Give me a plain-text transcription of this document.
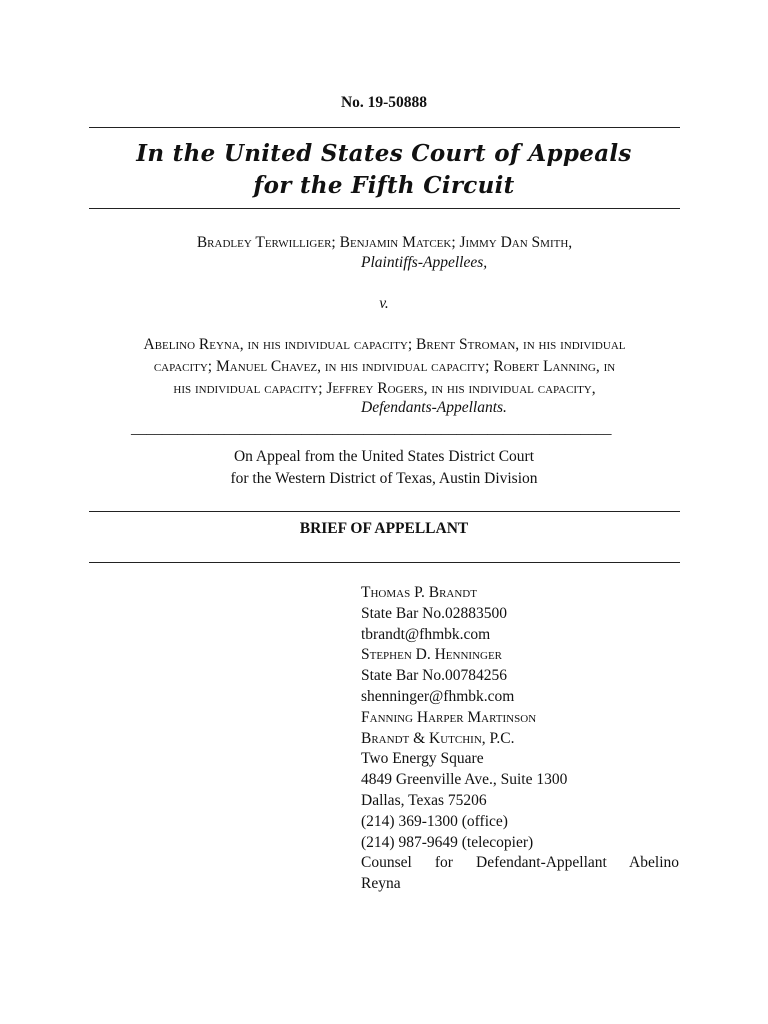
No. 19-50888
In the United States Court of Appeals
for the Fifth Circuit
Bradley Terwilliger; Benjamin Matcek; Jimmy Dan Smith,
Plaintiffs-Appellees,
v.
Abelino Reyna, in his individual capacity; Brent Stroman, in his individual
capacity; Manuel Chavez, in his individual capacity; Robert Lanning, in
his individual capacity; Jeffrey Rogers, in his individual capacity,
Defendants-Appellants.
______________________________________________________________
On Appeal from the United States District Court
for the Western District of Texas, Austin Division
BRIEF OF APPELLANT
Thomas P. Brandt
State Bar No.02883500
tbrandt@fhmbk.com
Stephen D. Henninger
State Bar No.00784256
shenninger@fhmbk.com
Fanning Harper Martinson
Brandt & Kutchin, P.C.
Two Energy Square
4849 Greenville Ave., Suite 1300
Dallas, Texas 75206
(214) 369-1300 (office)
(214) 987-9649 (telecopier)
Counsel for Defendant-Appellant Abelino
Reyna
